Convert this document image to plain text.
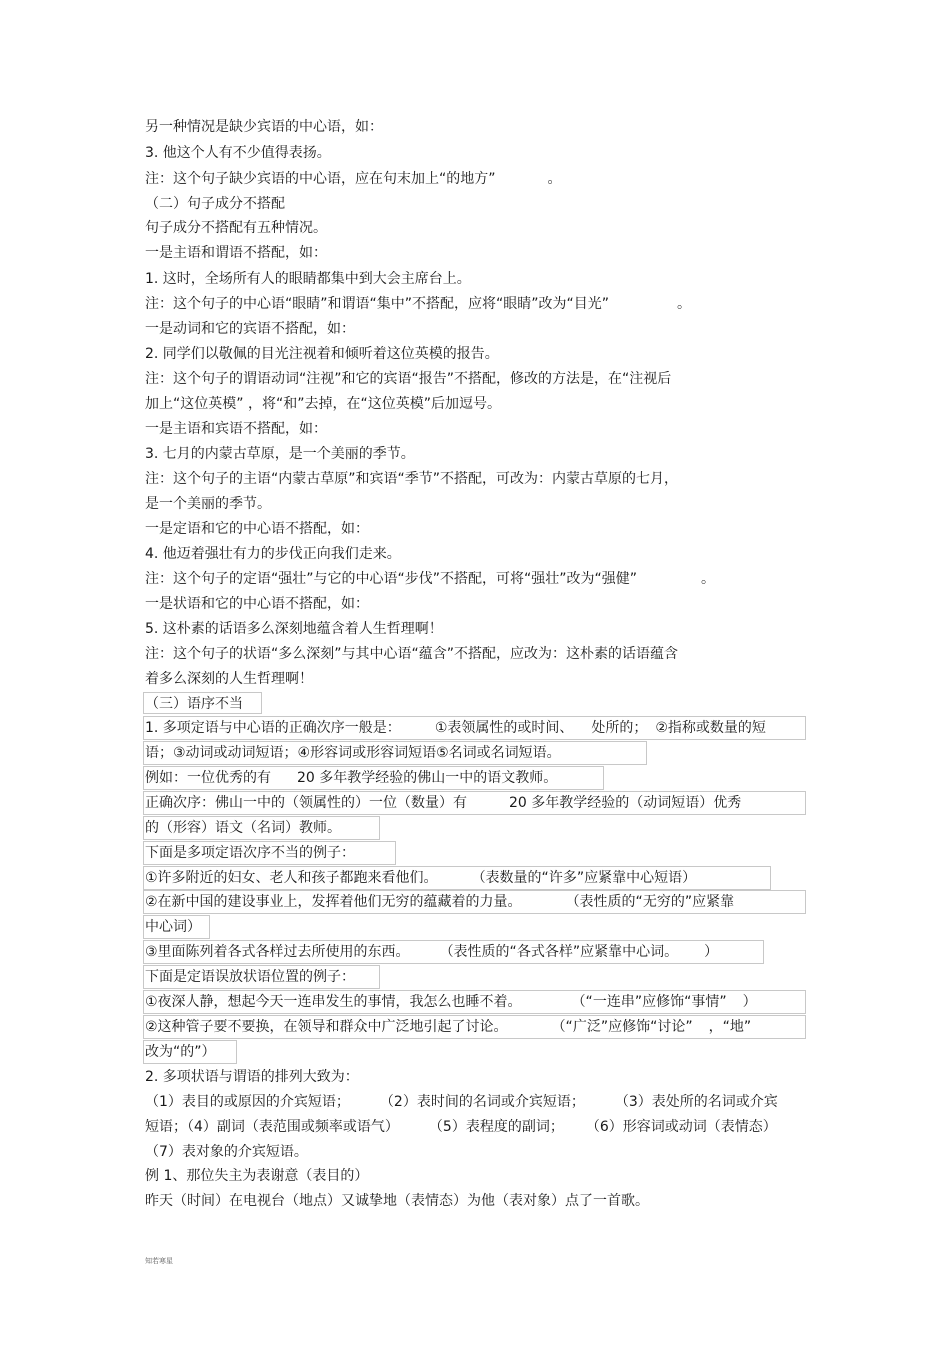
另一种情况是缺少宾语的中心语，如：
3. 他这个人有不少值得表扬。
注：这个句子缺少宾语的中心语，应在句末加上“的地方”	。
（二）句子成分不搭配
句子成分不搭配有五种情况。
一是主语和谓语不搭配，如：
1. 这时，全场所有人的眼睛都集中到大会主席台上。
注：这个句子的中心语“眼睛”和谓语“集中”不搭配，应将“眼睛”改为“目光”	。
一是动词和它的宾语不搭配，如：
2. 同学们以敬佩的目光注视着和倾听着这位英模的报告。
注：这个句子的谓语动词“注视”和它的宾语“报告”不搭配，修改的方法是，在“注视后
加上“这位英模” ，将“和”去掉，在“这位英模”后加逗号。
一是主语和宾语不搭配，如：
3. 七月的内蒙古草原，是一个美丽的季节。
注：这个句子的主语“内蒙古草原”和宾语“季节”不搭配，可改为：内蒙古草原的七月，
是一个美丽的季节。
一是定语和它的中心语不搭配，如：
4. 他迈着强壮有力的步伐正向我们走来。
注：这个句子的定语“强壮”与它的中心语“步伐”不搭配，可将“强壮”改为“强健”	。
一是状语和它的中心语不搭配，如：
5. 这朴素的话语多么深刻地蕴含着人生哲理啊！
注：这个句子的状语“多么深刻”与其中心语“蕴含”不搭配，应改为：这朴素的话语蕴含
着多么深刻的人生哲理啊！
（三）语序不当
1. 多项定语与中心语的正确次序一般是： ①表领属性的或时间、 处所的； ②指称或数量的短
语；③动词或动词短语；④形容词或形容词短语⑤名词或名词短语。
例如：一位优秀的有 20 多年教学经验的佛山一中的语文教师。
正确次序：佛山一中的（领属性的）一位（数量）有	20 多年教学经验的（动词短语）优秀
的（形容）语文（名词）教师。
下面是多项定语次序不当的例子：
①许多附近的妇女、老人和孩子都跑来看他们。 （表数量的“许多”应紧靠中心短语）
②在新中国的建设事业上，发挥着他们无穷的蕴藏着的力量。	（表性质的“无穷的”应紧靠
中心词）
③里面陈列着各式各样过去所使用的东西。 （表性质的“各式各样”应紧靠中心词。 ）
下面是定语误放状语位置的例子：
①夜深人静，想起今天一连串发生的事情，我怎么也睡不着。	（“一连串”应修饰“事情” ）
②这种管子要不要换，在领导和群众中广泛地引起了讨论。	（“广泛”应修饰“讨论” ，“地”
改为“的”）
2. 多项状语与谓语的排列大致为：
（1）表目的或原因的介宾短语； （2）表时间的名词或介宾短语； （3）表处所的名词或介宾
短语；（4）副词（表范围或频率或语气） （5）表程度的副词； （6）形容词或动词（表情态）
（7）表对象的介宾短语。
例 1、那位失主为表谢意（表目的）
昨天（时间）在电视台（地点）又诚挚地（表情态）为他（表对象）点了一首歌。
知若寒星
